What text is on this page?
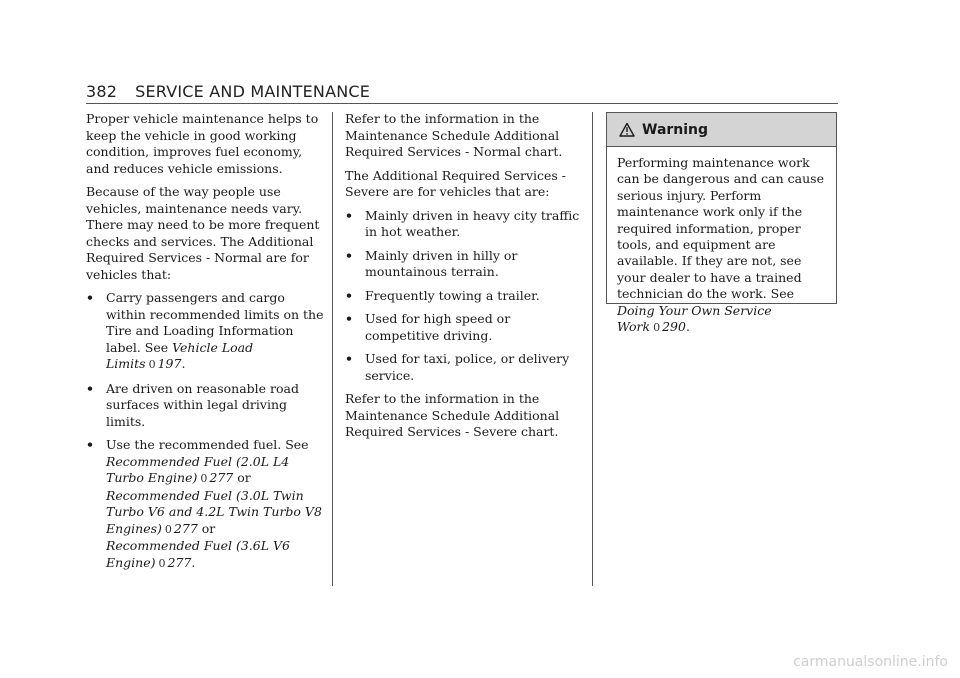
382 SERVICE AND MAINTENANCE

Proper vehicle maintenance helps to keep the vehicle in good working condition, improves fuel economy, and reduces vehicle emissions.

Because of the way people use vehicles, maintenance needs vary. There may need to be more frequent checks and services. The Additional Required Services - Normal are for vehicles that:

• Carry passengers and cargo within recommended limits on the Tire and Loading Information label. See Vehicle Load Limits 0 197.
• Are driven on reasonable road surfaces within legal driving limits.
• Use the recommended fuel. See
Recommended Fuel (2.0L L4 Turbo Engine) 0 277 or
Recommended Fuel (3.0L Twin Turbo V6 and 4.2L Twin Turbo V8 Engines) 0 277 or
Recommended Fuel (3.6L V6 Engine) 0 277.

Refer to the information in the Maintenance Schedule Additional Required Services - Normal chart.

The Additional Required Services - Severe are for vehicles that are:

• Mainly driven in heavy city traffic in hot weather.
• Mainly driven in hilly or mountainous terrain.
• Frequently towing a trailer.
• Used for high speed or competitive driving.
• Used for taxi, police, or delivery service.

Refer to the information in the Maintenance Schedule Additional Required Services - Severe chart.

Warning
Performing maintenance work can be dangerous and can cause serious injury. Perform maintenance work only if the required information, proper tools, and equipment are available. If they are not, see your dealer to have a trained technician do the work. See Doing Your Own Service Work 0 290.
carmanualsonline.info
